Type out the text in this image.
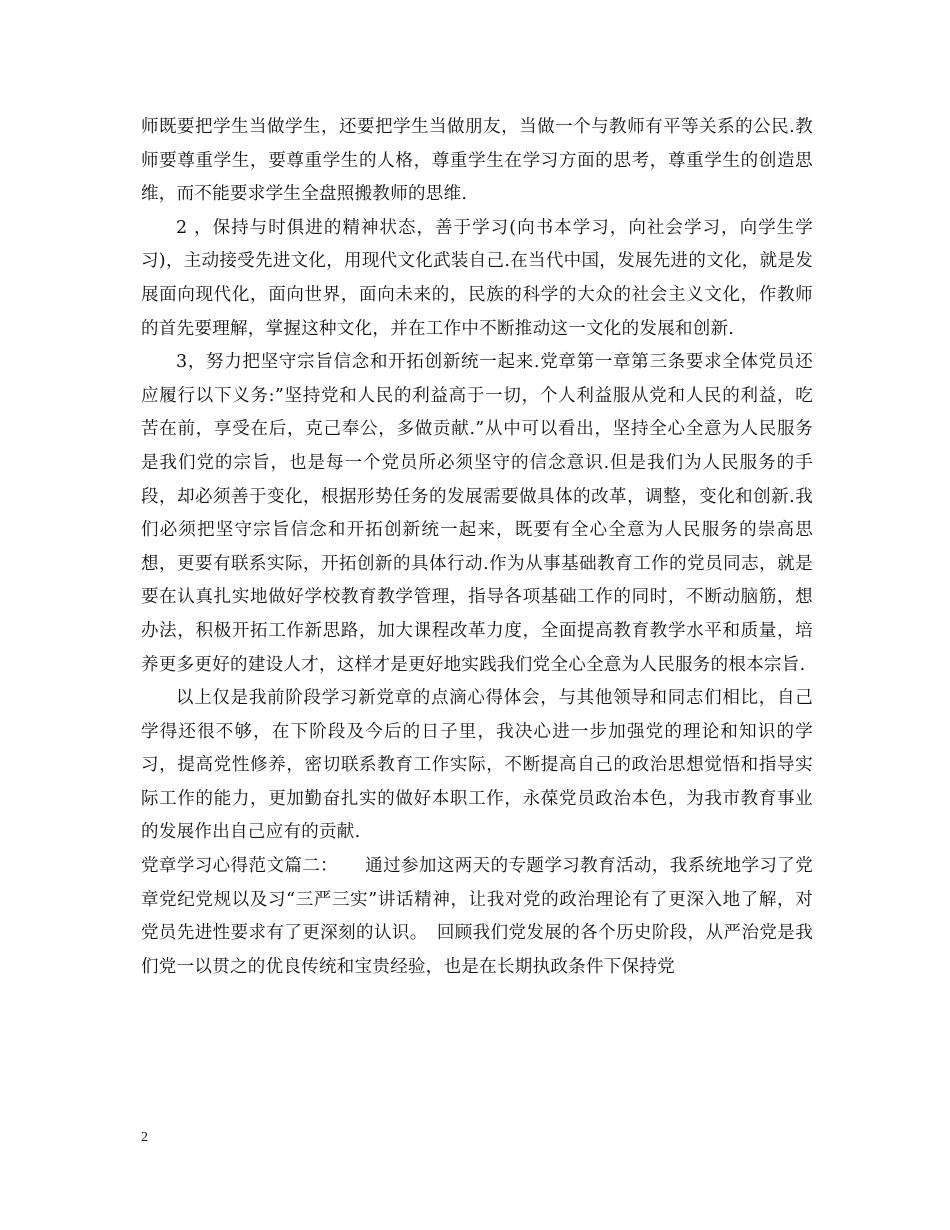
师既要把学生当做学生，还要把学生当做朋友，当做一个与教师有平等关系的公民.教师要尊重学生，要尊重学生的人格，尊重学生在学习方面的思考，尊重学生的创造思维，而不能要求学生全盘照搬教师的思维.

2 ，保持与时俱进的精神状态，善于学习(向书本学习，向社会学习，向学生学习)，主动接受先进文化，用现代文化武装自己.在当代中国，发展先进的文化，就是发展面向现代化，面向世界，面向未来的，民族的科学的大众的社会主义文化，作教师的首先要理解，掌握这种文化，并在工作中不断推动这一文化的发展和创新.

3，努力把坚守宗旨信念和开拓创新统一起来.党章第一章第三条要求全体党员还应履行以下义务:”坚持党和人民的利益高于一切，个人利益服从党和人民的利益，吃苦在前，享受在后，克己奉公，多做贡献.”从中可以看出，坚持全心全意为人民服务是我们党的宗旨，也是每一个党员所必须坚守的信念意识.但是我们为人民服务的手段，却必须善于变化，根据形势任务的发展需要做具体的改革，调整，变化和创新.我们必须把坚守宗旨信念和开拓创新统一起来，既要有全心全意为人民服务的崇高思想，更要有联系实际，开拓创新的具体行动.作为从事基础教育工作的党员同志，就是要在认真扎实地做好学校教育教学管理，指导各项基础工作的同时，不断动脑筋，想办法，积极开拓工作新思路，加大课程改革力度，全面提高教育教学水平和质量，培养更多更好的建设人才，这样才是更好地实践我们党全心全意为人民服务的根本宗旨.

以上仅是我前阶段学习新党章的点滴心得体会，与其他领导和同志们相比，自己学得还很不够，在下阶段及今后的日子里，我决心进一步加强党的理论和知识的学习，提高党性修养，密切联系教育工作实际，不断提高自己的政治思想觉悟和指导实际工作的能力，更加勤奋扎实的做好本职工作，永葆党员政治本色，为我市教育事业的发展作出自己应有的贡献.

党章学习心得范文篇二：　　通过参加这两天的专题学习教育活动，我系统地学习了党章党纪党规以及习“三严三实”讲话精神，让我对党的政治理论有了更深入地了解，对党员先进性要求有了更深刻的认识。　回顾我们党发展的各个历史阶段，从严治党是我们党一以贯之的优良传统和宝贵经验，也是在长期执政条件下保持党

2
